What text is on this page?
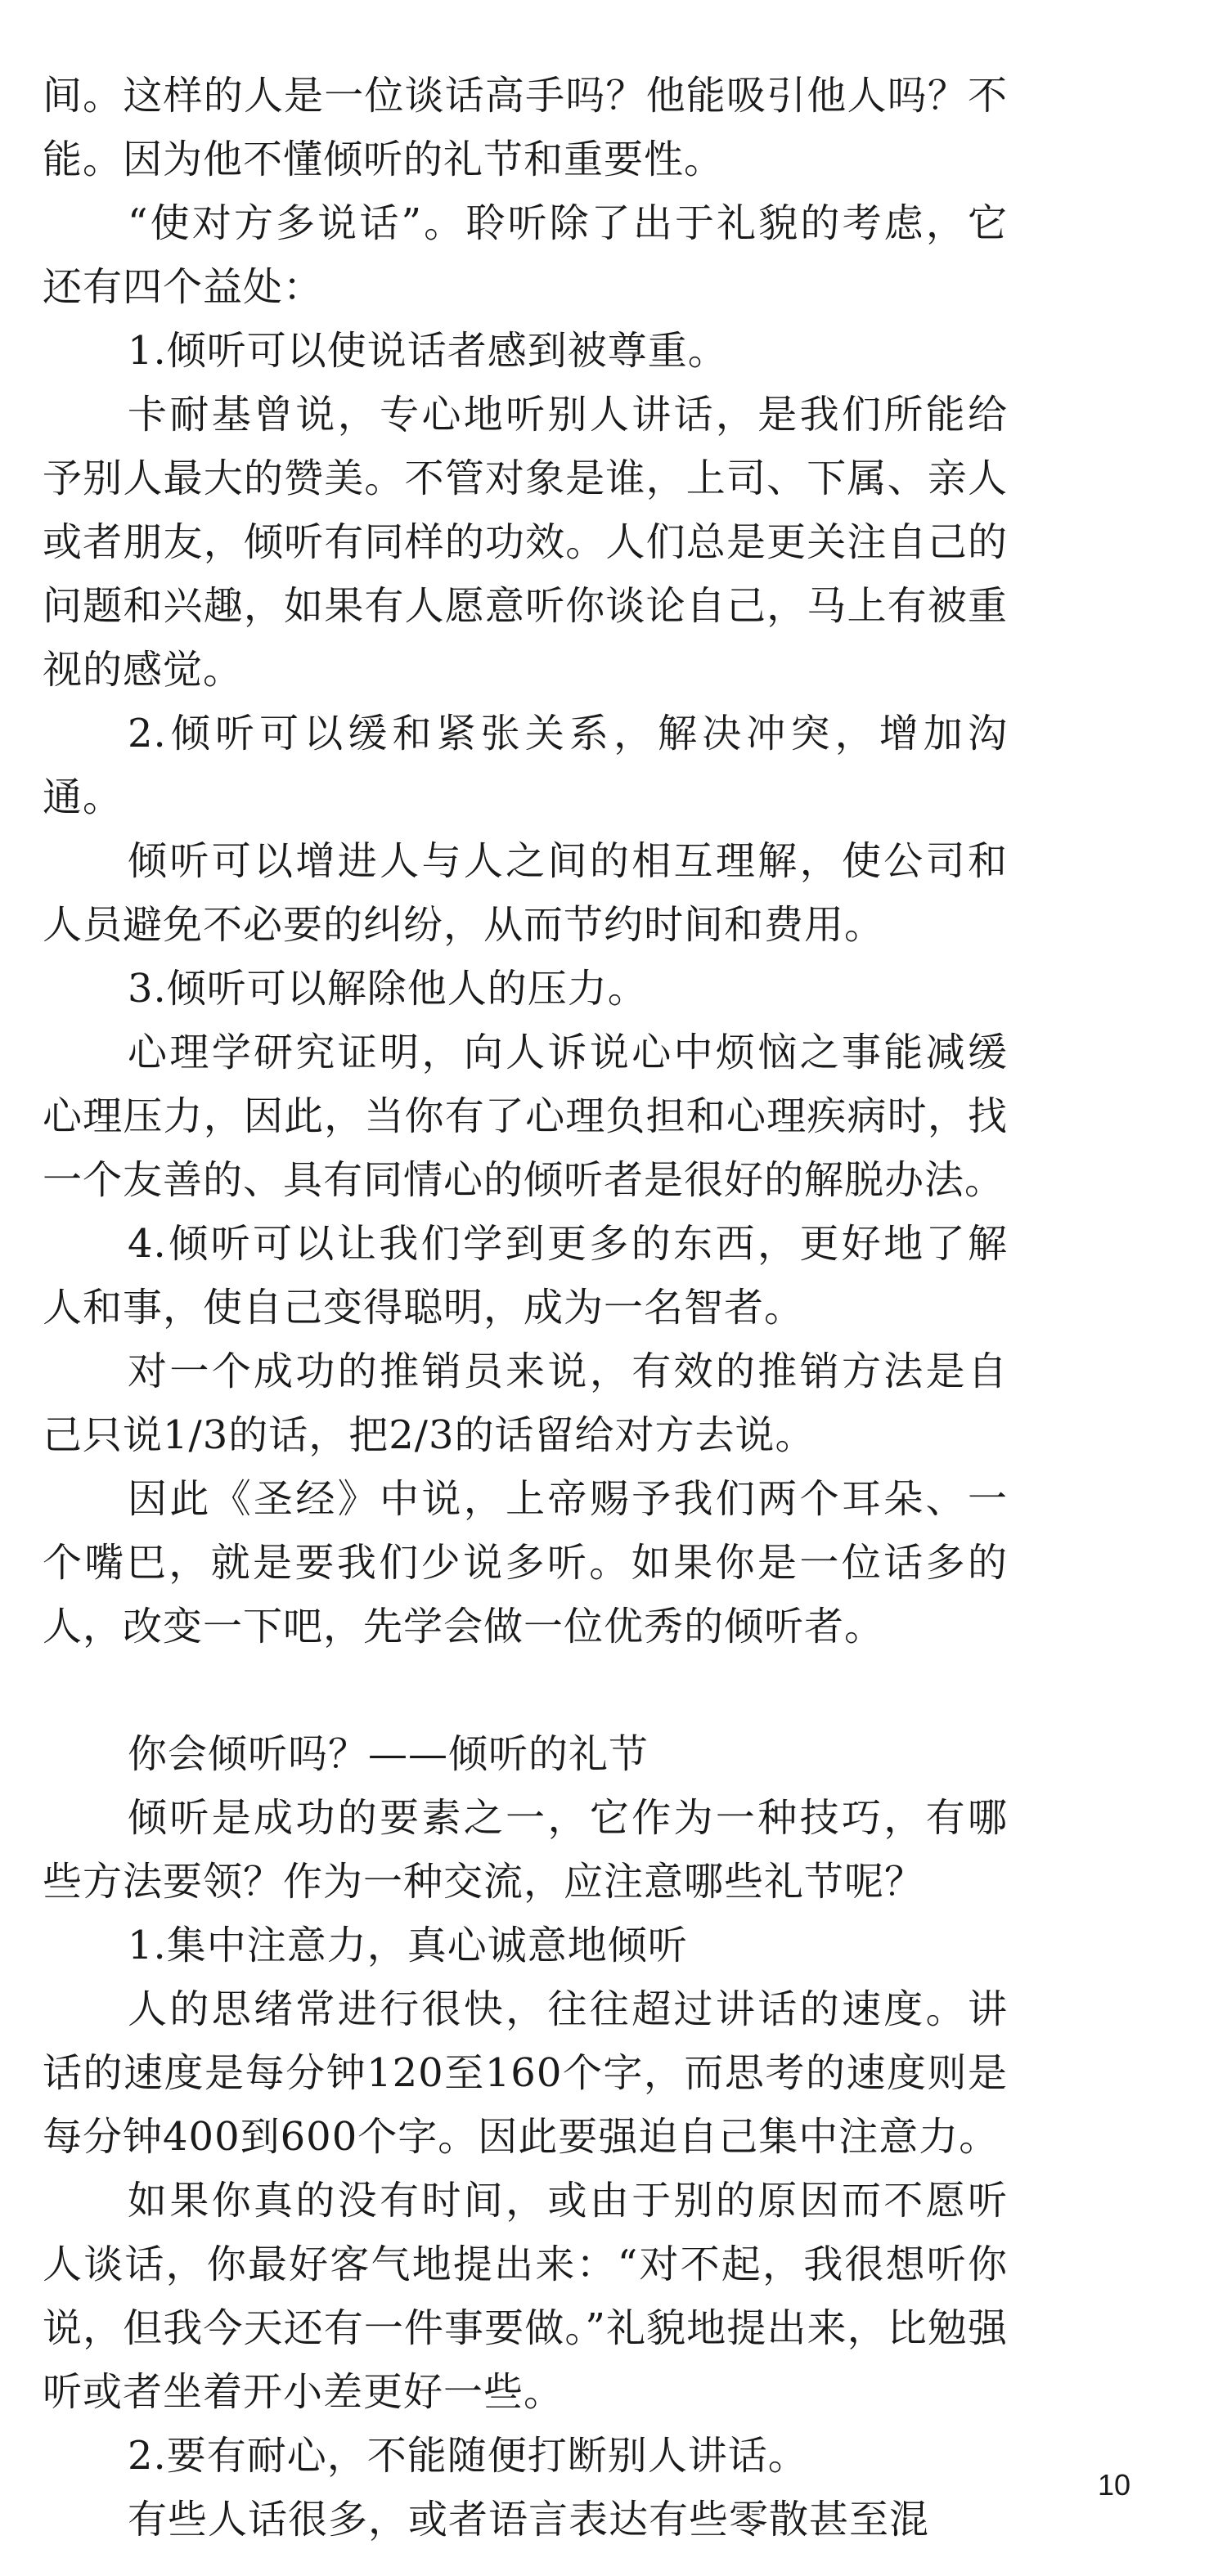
间。这样的人是一位谈话高手吗？他能吸引他人吗？不能。因为他不懂倾听的礼节和重要性。

“使对方多说话”。聆听除了出于礼貌的考虑，它还有四个益处：

1.倾听可以使说话者感到被尊重。

卡耐基曾说，专心地听别人讲话，是我们所能给予别人最大的赞美。不管对象是谁，上司、下属、亲人或者朋友，倾听有同样的功效。人们总是更关注自己的问题和兴趣，如果有人愿意听你谈论自己，马上有被重视的感觉。

2.倾听可以缓和紧张关系，解决冲突，增加沟通。

倾听可以增进人与人之间的相互理解，使公司和人员避免不必要的纠纷，从而节约时间和费用。

3.倾听可以解除他人的压力。

心理学研究证明，向人诉说心中烦恼之事能减缓心理压力，因此，当你有了心理负担和心理疾病时，找一个友善的、具有同情心的倾听者是很好的解脱办法。

4.倾听可以让我们学到更多的东西，更好地了解人和事，使自己变得聪明，成为一名智者。

对一个成功的推销员来说，有效的推销方法是自己只说1/3的话，把2/3的话留给对方去说。

因此《圣经》中说，上帝赐予我们两个耳朵、一个嘴巴，就是要我们少说多听。如果你是一位话多的人，改变一下吧，先学会做一位优秀的倾听者。

你会倾听吗？——倾听的礼节

倾听是成功的要素之一，它作为一种技巧，有哪些方法要领？作为一种交流，应注意哪些礼节呢？

1.集中注意力，真心诚意地倾听

人的思绪常进行很快，往往超过讲话的速度。讲话的速度是每分钟120至160个字，而思考的速度则是每分钟400到600个字。因此要强迫自己集中注意力。

如果你真的没有时间，或由于别的原因而不愿听人谈话，你最好客气地提出来：“对不起，我很想听你说，但我今天还有一件事要做。”礼貌地提出来，比勉强听或者坐着开小差更好一些。

2.要有耐心，不能随便打断别人讲话。

有些人话很多，或者语言表达有些零散甚至混

10
